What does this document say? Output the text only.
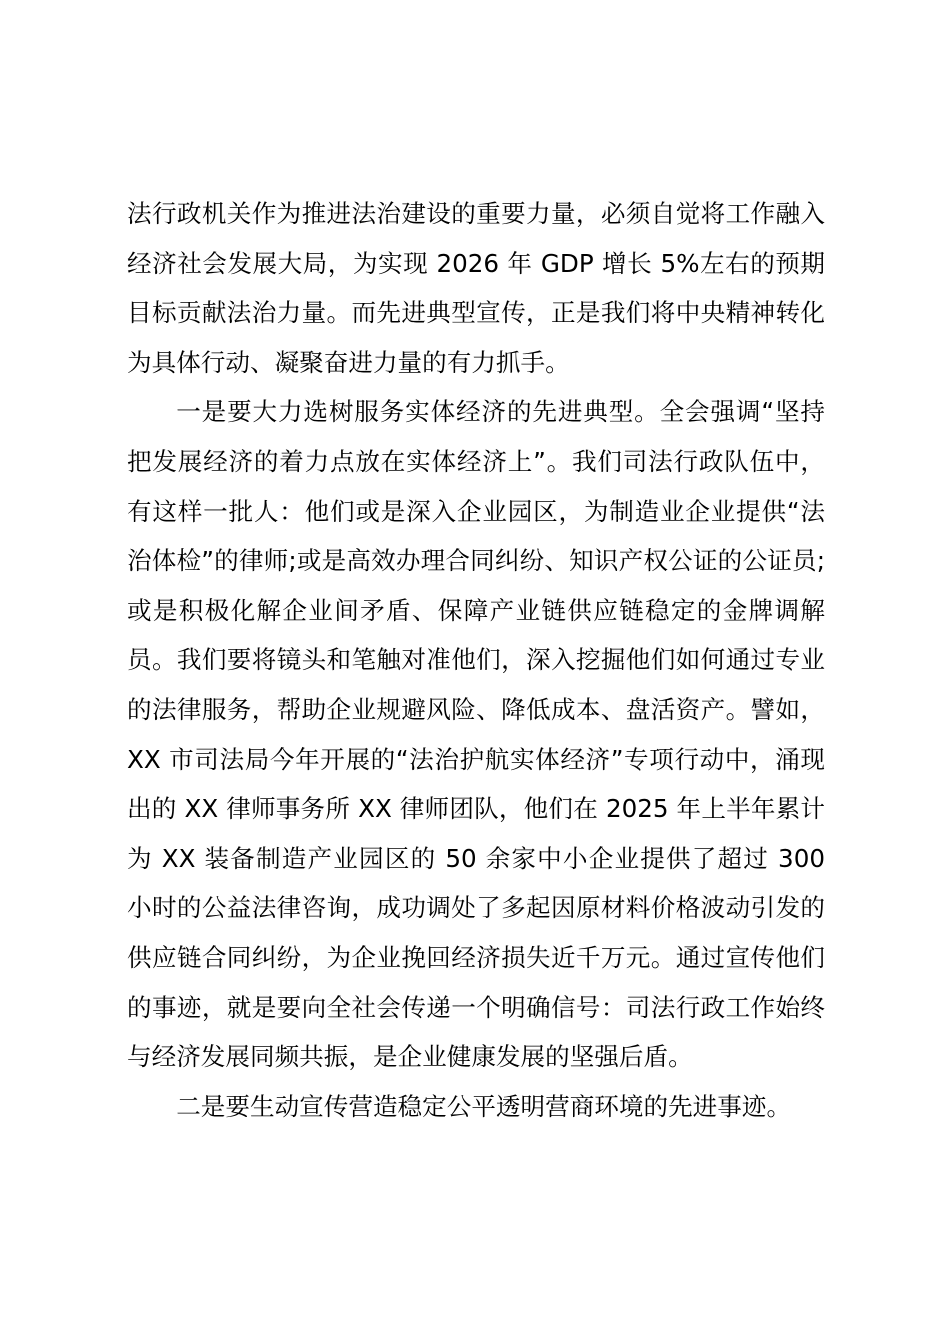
法行政机关作为推进法治建设的重要力量，必须自觉将工作融入经济社会发展大局，为实现 2026 年 GDP 增长 5%左右的预期目标贡献法治力量。而先进典型宣传，正是我们将中央精神转化为具体行动、凝聚奋进力量的有力抓手。

一是要大力选树服务实体经济的先进典型。全会强调“坚持把发展经济的着力点放在实体经济上”。我们司法行政队伍中，有这样一批人：他们或是深入企业园区，为制造业企业提供“法治体检”的律师;或是高效办理合同纠纷、知识产权公证的公证员;或是积极化解企业间矛盾、保障产业链供应链稳定的金牌调解员。我们要将镜头和笔触对准他们，深入挖掘他们如何通过专业的法律服务，帮助企业规避风险、降低成本、盘活资产。譬如，XX 市司法局今年开展的“法治护航实体经济”专项行动中，涌现出的 XX 律师事务所 XX 律师团队，他们在 2025 年上半年累计为 XX 装备制造产业园区的 50 余家中小企业提供了超过 300 小时的公益法律咨询，成功调处了多起因原材料价格波动引发的供应链合同纠纷，为企业挽回经济损失近千万元。通过宣传他们的事迹，就是要向全社会传递一个明确信号：司法行政工作始终与经济发展同频共振，是企业健康发展的坚强后盾。

二是要生动宣传营造稳定公平透明营商环境的先进事迹。
